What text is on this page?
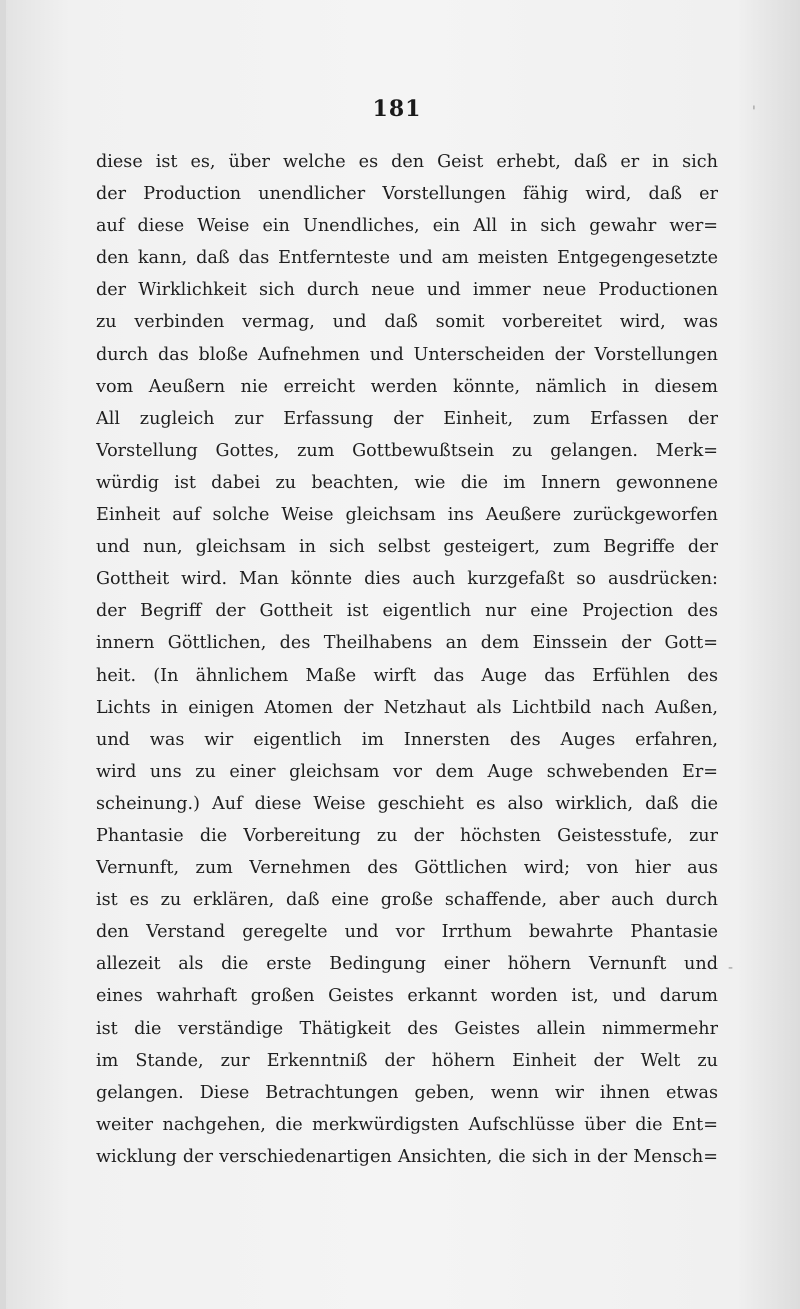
181
diese ist es, über welche es den Geist erhebt, daß er in sich
der Production unendlicher Vorstellungen fähig wird, daß er
auf diese Weise ein Unendliches, ein All in sich gewahr wer=
den kann, daß das Entfernteste und am meisten Entgegengesetzte
der Wirklichkeit sich durch neue und immer neue Productionen
zu verbinden vermag, und daß somit vorbereitet wird, was
durch das bloße Aufnehmen und Unterscheiden der Vorstellungen
vom Aeußern nie erreicht werden könnte, nämlich in diesem
All zugleich zur Erfassung der Einheit, zum Erfassen der
Vorstellung Gottes, zum Gottbewußtsein zu gelangen. Merk=
würdig ist dabei zu beachten, wie die im Innern gewonnene
Einheit auf solche Weise gleichsam ins Aeußere zurückgeworfen
und nun, gleichsam in sich selbst gesteigert, zum Begriffe der
Gottheit wird. Man könnte dies auch kurzgefaßt so ausdrücken:
der Begriff der Gottheit ist eigentlich nur eine Projection des
innern Göttlichen, des Theilhabens an dem Einssein der Gott=
heit. (In ähnlichem Maße wirft das Auge das Erfühlen des
Lichts in einigen Atomen der Netzhaut als Lichtbild nach Außen,
und was wir eigentlich im Innersten des Auges erfahren,
wird uns zu einer gleichsam vor dem Auge schwebenden Er=
scheinung.) Auf diese Weise geschieht es also wirklich, daß die
Phantasie die Vorbereitung zu der höchsten Geistesstufe, zur
Vernunft, zum Vernehmen des Göttlichen wird; von hier aus
ist es zu erklären, daß eine große schaffende, aber auch durch
den Verstand geregelte und vor Irrthum bewahrte Phantasie
allezeit als die erste Bedingung einer höhern Vernunft und
eines wahrhaft großen Geistes erkannt worden ist, und darum
ist die verständige Thätigkeit des Geistes allein nimmermehr
im Stande, zur Erkenntniß der höhern Einheit der Welt zu
gelangen. Diese Betrachtungen geben, wenn wir ihnen etwas
weiter nachgehen, die merkwürdigsten Aufschlüsse über die Ent=
wicklung der verschiedenartigen Ansichten, die sich in der Mensch=
'
-
